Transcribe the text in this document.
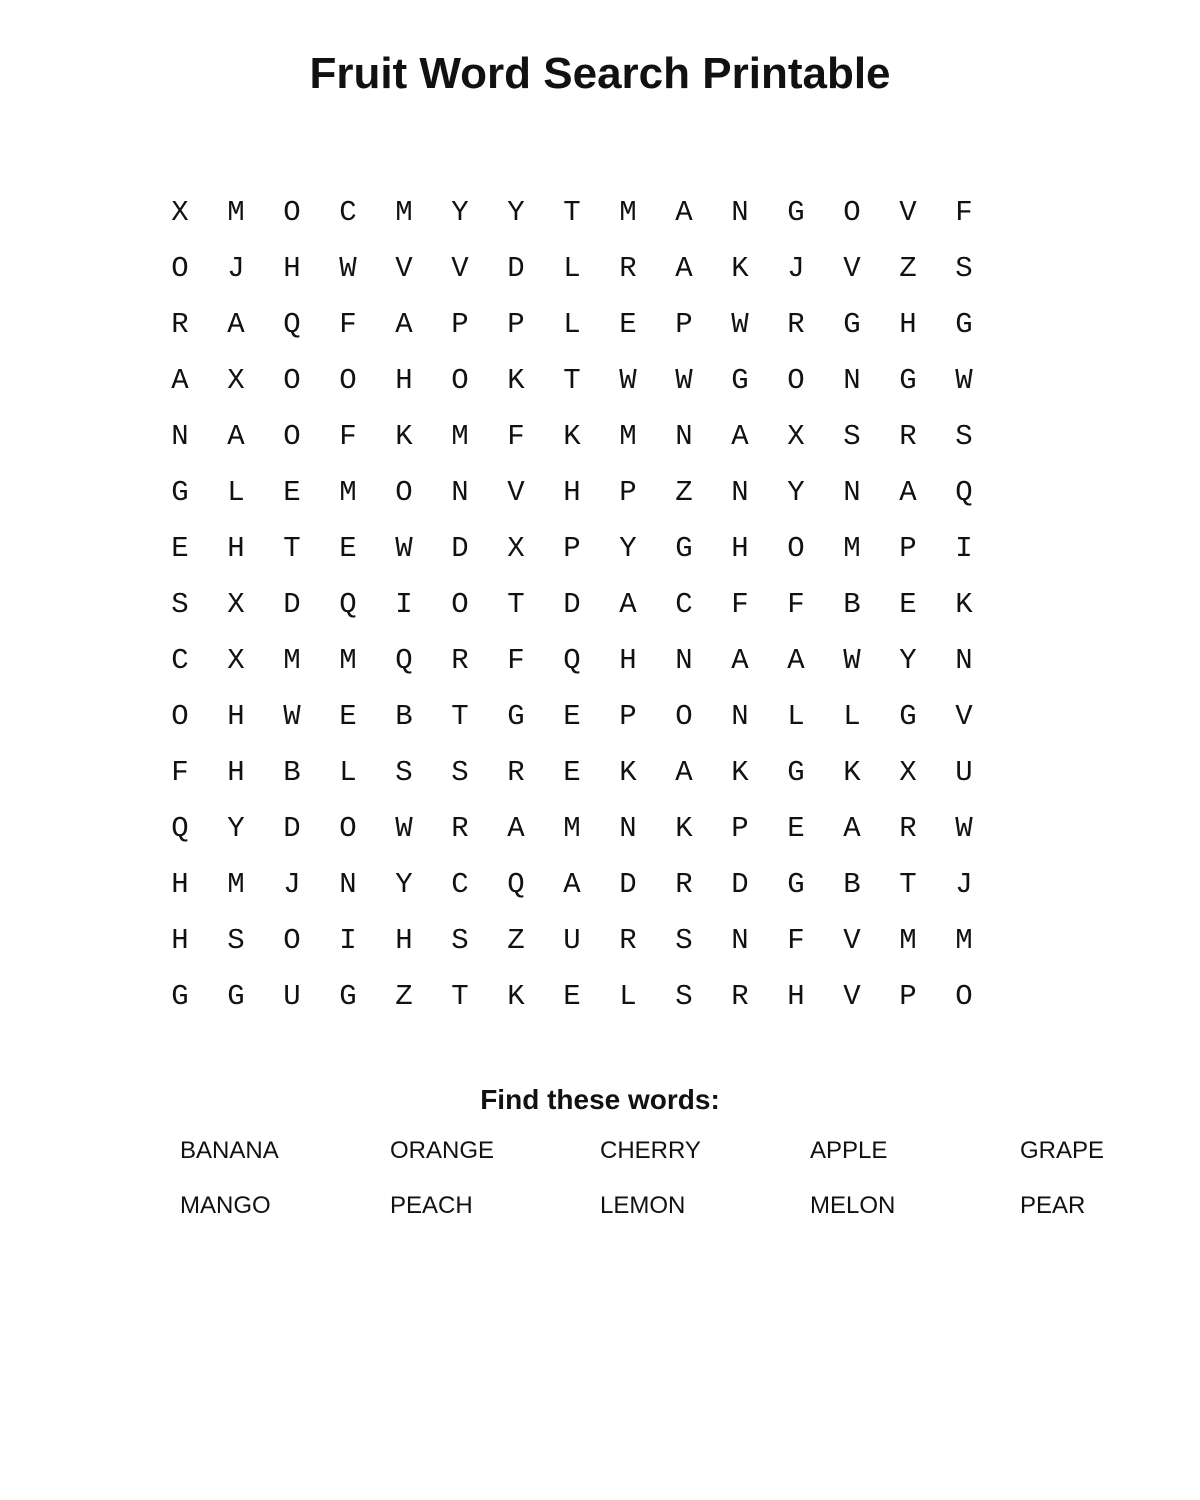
Fruit Word Search Printable
X	M	O	C	M	Y	Y	T	M	A	N	G	O	V	F
O	J	H	W	V	V	D	L	R	A	K	J	V	Z	S
R	A	Q	F	A	P	P	L	E	P	W	R	G	H	G
A	X	O	O	H	O	K	T	W	W	G	O	N	G	W
N	A	O	F	K	M	F	K	M	N	A	X	S	R	S
G	L	E	M	O	N	V	H	P	Z	N	Y	N	A	Q
E	H	T	E	W	D	X	P	Y	G	H	O	M	P	I
S	X	D	Q	I	O	T	D	A	C	F	F	B	E	K
C	X	M	M	Q	R	F	Q	H	N	A	A	W	Y	N
O	H	W	E	B	T	G	E	P	O	N	L	L	G	V
F	H	B	L	S	S	R	E	K	A	K	G	K	X	U
Q	Y	D	O	W	R	A	M	N	K	P	E	A	R	W
H	M	J	N	Y	C	Q	A	D	R	D	G	B	T	J
H	S	O	I	H	S	Z	U	R	S	N	F	V	M	M
G	G	U	G	Z	T	K	E	L	S	R	H	V	P	O
Find these words:
BANANA	ORANGE	CHERRY	APPLE	GRAPE
MANGO	PEACH	LEMON	MELON	PEAR
